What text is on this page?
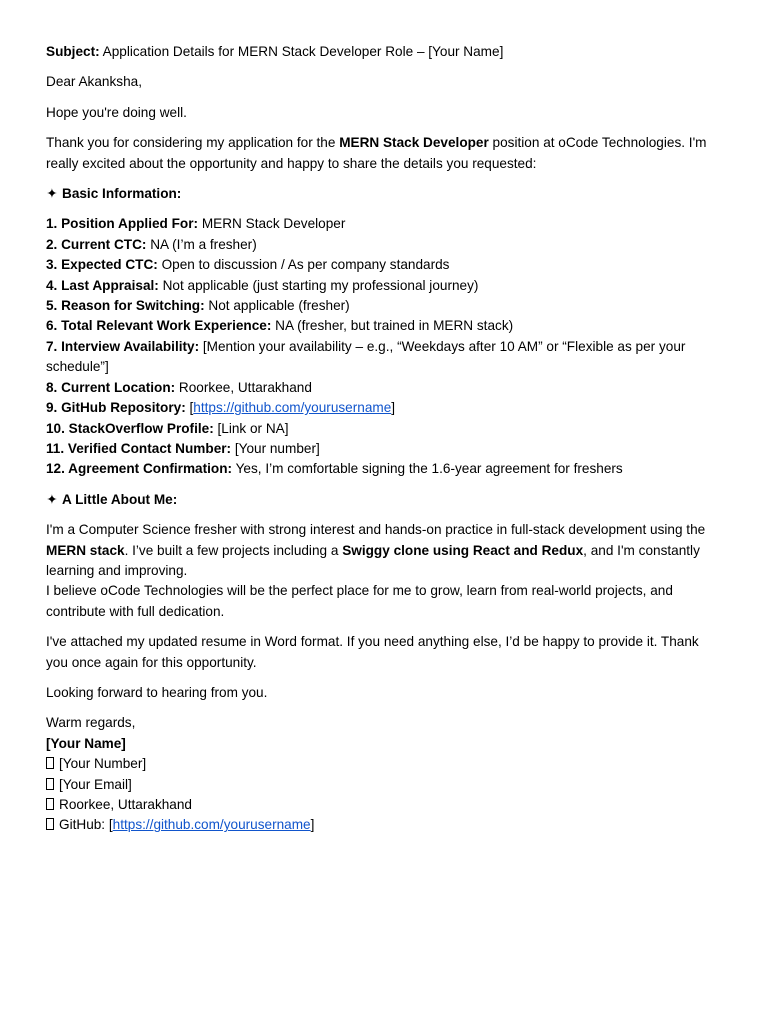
Subject: Application Details for MERN Stack Developer Role – [Your Name]

Dear Akanksha,

Hope you're doing well.

Thank you for considering my application for the MERN Stack Developer position at oCode Technologies. I'm really excited about the opportunity and happy to share the details you requested:

✦ Basic Information:

1. Position Applied For: MERN Stack Developer
2. Current CTC: NA (I’m a fresher)
3. Expected CTC: Open to discussion / As per company standards
4. Last Appraisal: Not applicable (just starting my professional journey)
5. Reason for Switching: Not applicable (fresher)
6. Total Relevant Work Experience: NA (fresher, but trained in MERN stack)
7. Interview Availability: [Mention your availability – e.g., “Weekdays after 10 AM” or “Flexible as per your schedule”]
8. Current Location: Roorkee, Uttarakhand
9. GitHub Repository: [https://github.com/yourusername]
10. StackOverflow Profile: [Link or NA]
11. Verified Contact Number: [Your number]
12. Agreement Confirmation: Yes, I’m comfortable signing the 1.6-year agreement for freshers

✦ A Little About Me:

I'm a Computer Science fresher with strong interest and hands-on practice in full-stack development using the MERN stack. I’ve built a few projects including a Swiggy clone using React and Redux, and I'm constantly learning and improving.
I believe oCode Technologies will be the perfect place for me to grow, learn from real-world projects, and contribute with full dedication.

I've attached my updated resume in Word format. If you need anything else, I’d be happy to provide it. Thank you once again for this opportunity.

Looking forward to hearing from you.

Warm regards,

[Your Name]

[Your Number]

[Your Email]

Roorkee, Uttarakhand

GitHub: [https://github.com/yourusername]
